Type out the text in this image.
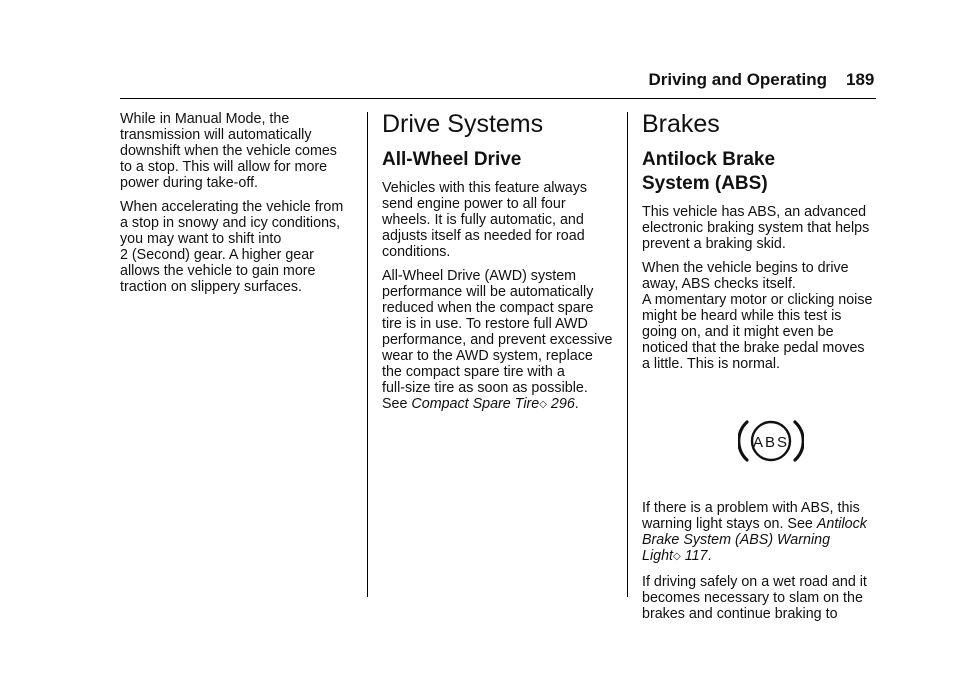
Driving and Operating 189

While in Manual Mode, the
transmission will automatically
downshift when the vehicle comes
to a stop. This will allow for more
power during take-off.

When accelerating the vehicle from
a stop in snowy and icy conditions,
you may want to shift into
2 (Second) gear. A higher gear
allows the vehicle to gain more
traction on slippery surfaces.

Drive Systems
All-Wheel Drive

Vehicles with this feature always
send engine power to all four
wheels. It is fully automatic, and
adjusts itself as needed for road
conditions.

All-Wheel Drive (AWD) system
performance will be automatically
reduced when the compact spare
tire is in use. To restore full AWD
performance, and prevent excessive
wear to the AWD system, replace
the compact spare tire with a
full-size tire as soon as possible.
See Compact Spare Tire◇ 296.

Brakes
Antilock Brake
System (ABS)

This vehicle has ABS, an advanced
electronic braking system that helps
prevent a braking skid.

When the vehicle begins to drive
away, ABS checks itself.
A momentary motor or clicking noise
might be heard while this test is
going on, and it might even be
noticed that the brake pedal moves
a little. This is normal.

ABS

If there is a problem with ABS, this
warning light stays on. See Antilock
Brake System (ABS) Warning
Light◇ 117.

If driving safely on a wet road and it
becomes necessary to slam on the
brakes and continue braking to
